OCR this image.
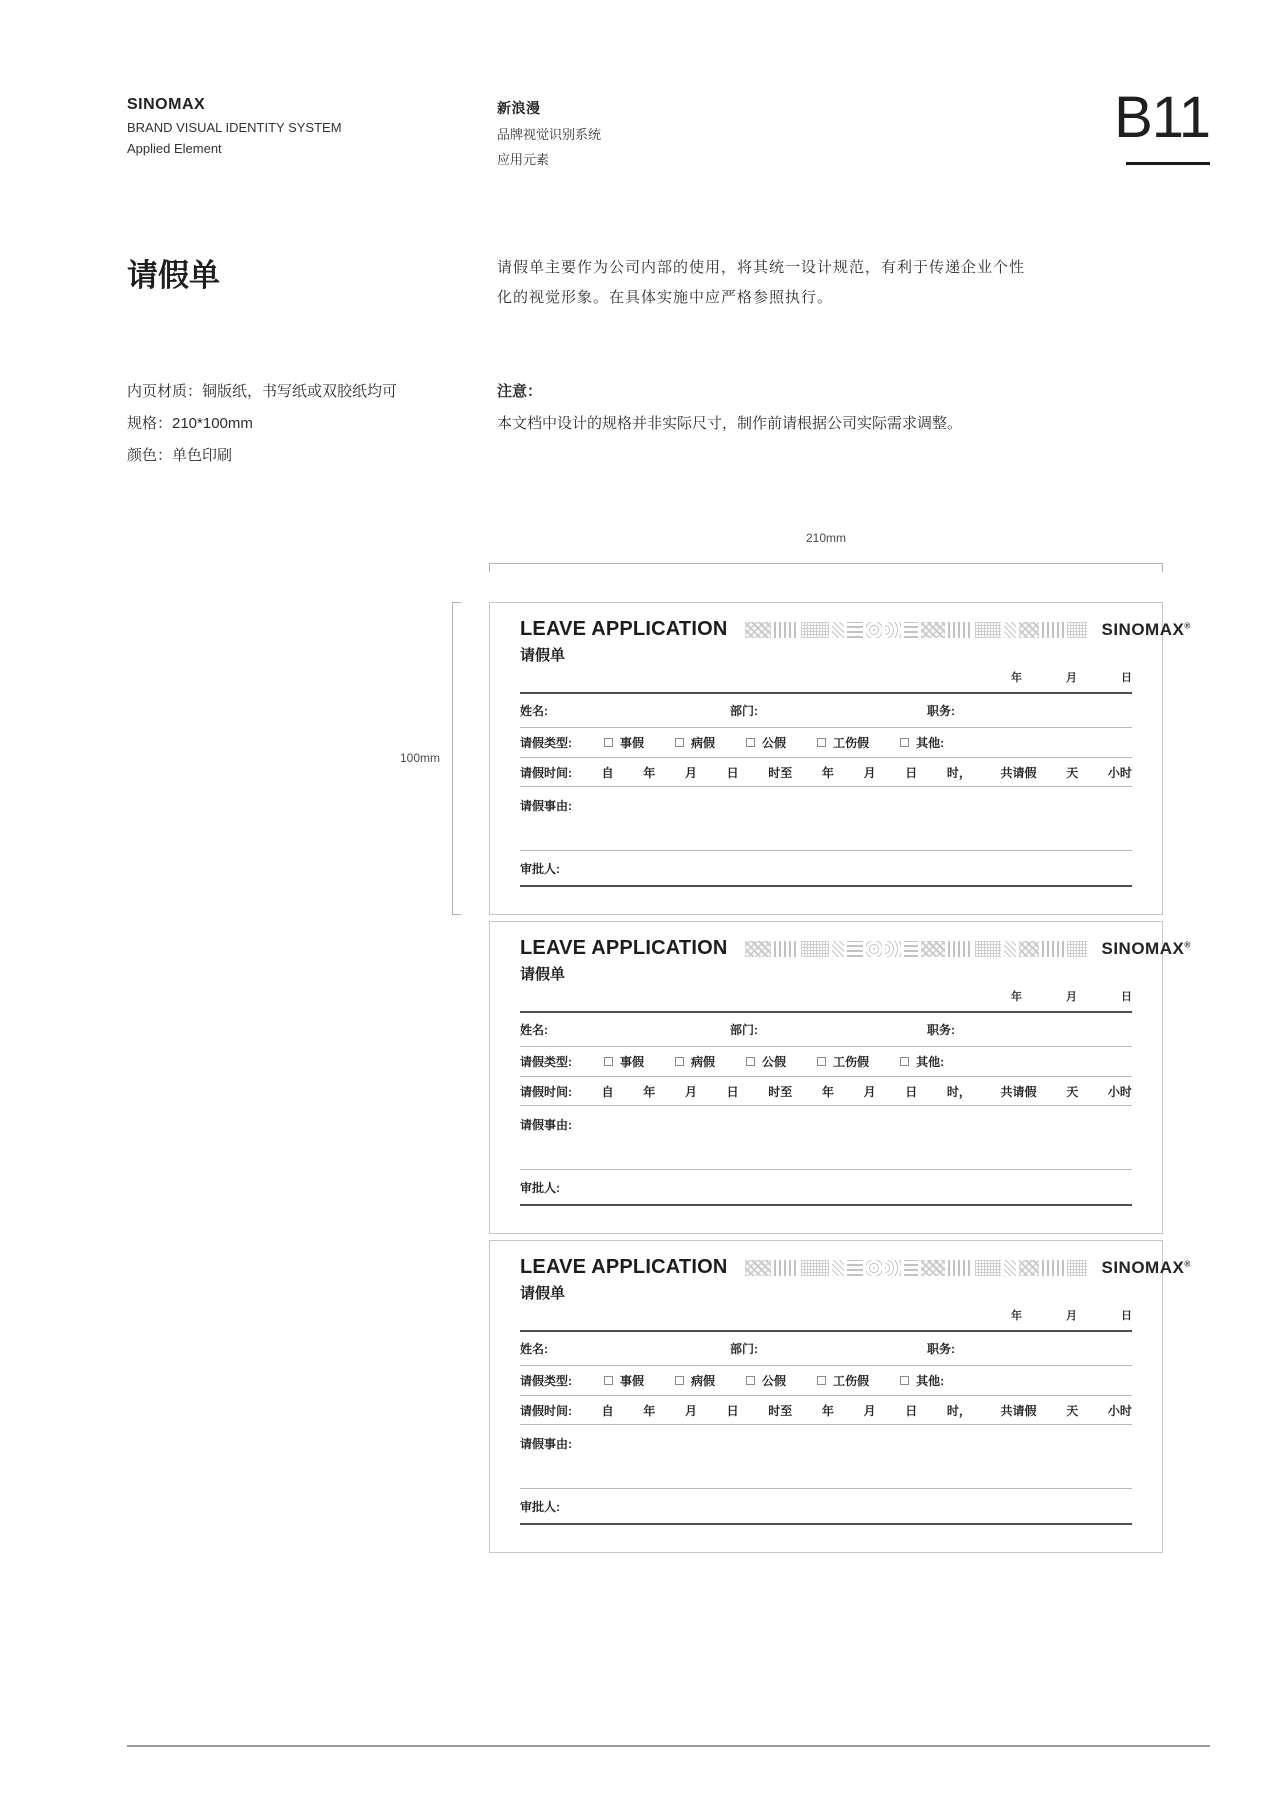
SINOMAX
BRAND VISUAL IDENTITY SYSTEM
Applied Element
新浪漫
品牌视觉识别系统
应用元素
B11
请假单	请假单主要作为公司内部的使用，将其统一设计规范，有利于传递企业个性
化的视觉形象。在具体实施中应严格参照执行。
内页材质：铜版纸，书写纸或双胶纸均可
规格：210*100mm
颜色：单色印刷
注意：
本文档中设计的规格并非实际尺寸，制作前请根据公司实际需求调整。
210mm
100mm
LEAVE APPLICATION	SINOMAX®
请假单
年	月	日
姓名:	部门:	职务:
请假类型:	事假	病假	公假	工伤假	其他:
请假时间: 自 年 月 日 时至 年 月 日 时， 共请假 天 小时
请假事由:
审批人:
LEAVE APPLICATION	SINOMAX®
请假单
年	月	日
姓名:	部门:	职务:
请假类型:	事假	病假	公假	工伤假	其他:
请假时间: 自 年 月 日 时至 年 月 日 时， 共请假 天 小时
请假事由:
审批人:
LEAVE APPLICATION	SINOMAX®
请假单
年	月	日
姓名:	部门:	职务:
请假类型:	事假	病假	公假	工伤假	其他:
请假时间: 自 年 月 日 时至 年 月 日 时， 共请假 天 小时
请假事由:
审批人:
